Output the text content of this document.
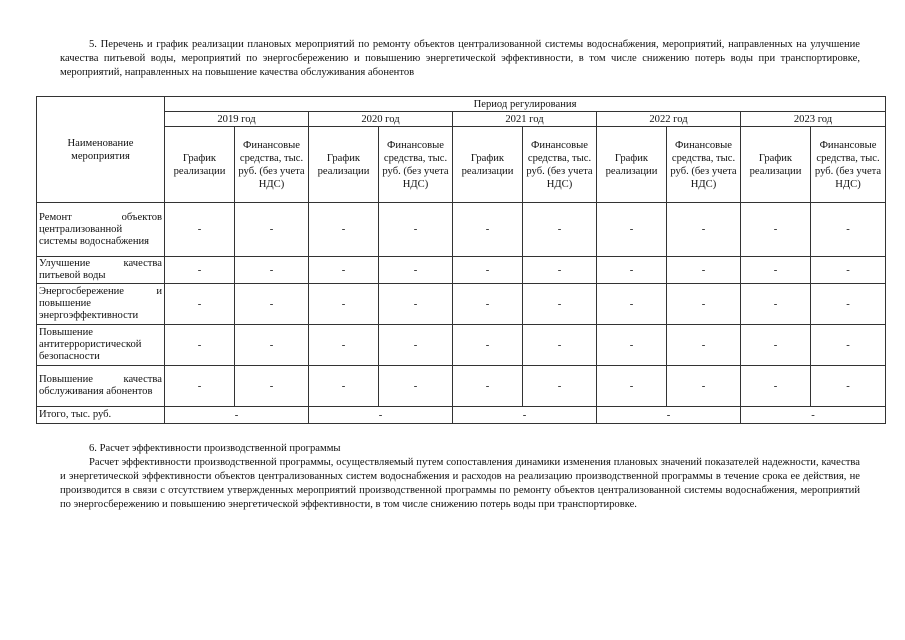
5. Перечень и график реализации плановых мероприятий по ремонту объектов централизованной системы водоснабжения, мероприятий, направленных на улучшение качества питьевой воды, мероприятий по энергосбережению и повышению энергетической эффективности, в том числе снижению потерь воды при транспортировке, мероприятий, направленных на повышение качества обслуживания абонентов

Наименование мероприятия	Период регулирования									
	2019 год		2020 год		2021 год		2022 год		2023 год	
	График реализации	Финансовые средства, тыс. руб. (без учета НДС)	График реализации	Финансовые средства, тыс. руб. (без учета НДС)	График реализации	Финансовые средства, тыс. руб. (без учета НДС)	График реализации	Финансовые средства, тыс. руб. (без учета НДС)	График реализации	Финансовые средства, тыс. руб. (без учета НДС)
Ремонт объектов централизованной системы водоснабжения	-	-	-	-	-	-	-	-	-	-
Улучшение качества питьевой воды	-	-	-	-	-	-	-	-	-	-
Энергосбережение и повышение энергоэффективности	-	-	-	-	-	-	-	-	-	-
Повышение антитеррористической безопасности	-	-	-	-	-	-	-	-	-	-
Повышение качества обслуживания абонентов	-	-	-	-	-	-	-	-	-	-
Итого, тыс. руб.	-		-		-		-		-	

6. Расчет эффективности производственной программы

Расчет эффективности производственной программы, осуществляемый путем сопоставления динамики изменения плановых значений показателей надежности, качества и энергетической эффективности объектов централизованных систем водоснабжения и расходов на реализацию производственной программы в течение срока ее действия, не производится в связи с отсутствием утвержденных мероприятий производственной программы по ремонту объектов централизованной системы водоснабжения, мероприятий по энергосбережению и повышению энергетической эффективности, в том числе снижению потерь воды при транспортировке.
